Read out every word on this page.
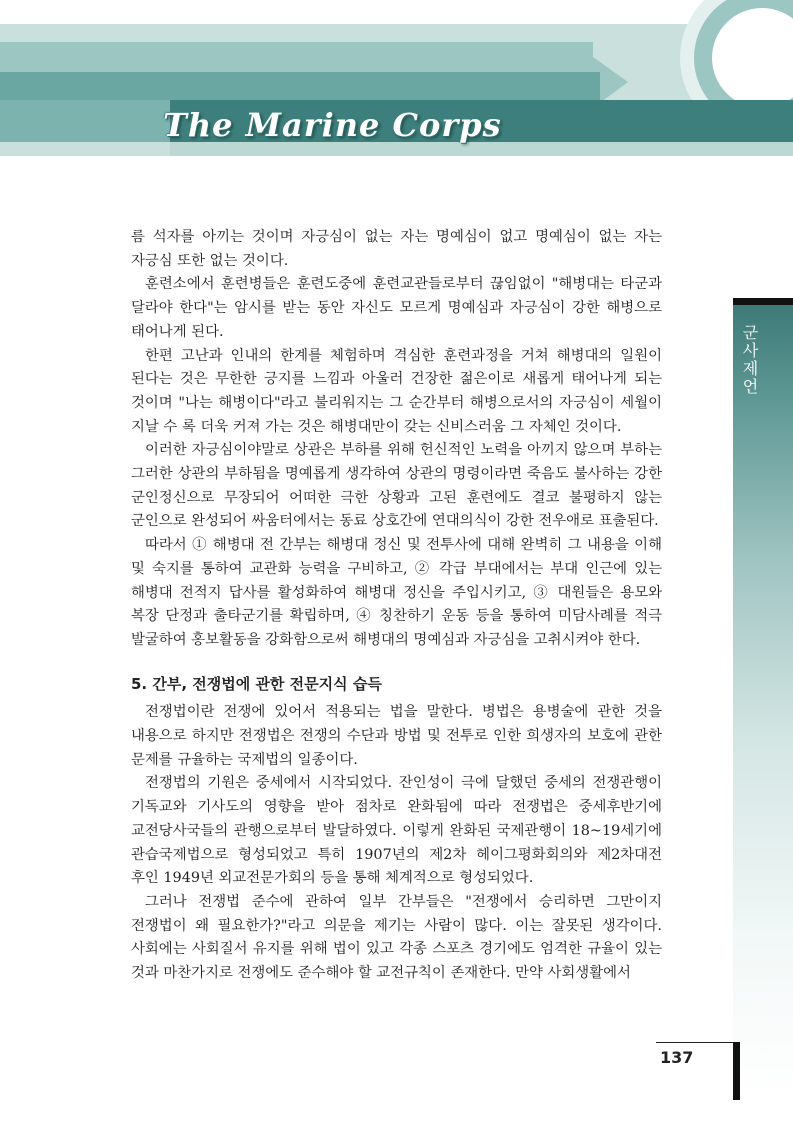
The Marine Corps
군사제언

름 석자를 아끼는 것이며 자긍심이 없는 자는 명예심이 없고 명예심이 없는 자는 자긍심 또한 없는 것이다.

훈련소에서 훈련병들은 훈련도중에 훈련교관들로부터 끊임없이 "해병대는 타군과 달라야 한다"는 암시를 받는 동안 자신도 모르게 명예심과 자긍심이 강한 해병으로 태어나게 된다.

한편 고난과 인내의 한계를 체험하며 격심한 훈련과정을 거쳐 해병대의 일원이 된다는 것은 무한한 긍지를 느낌과 아울러 건장한 젊은이로 새롭게 태어나게 되는 것이며 "나는 해병이다"라고 불리워지는 그 순간부터 해병으로서의 자긍심이 세월이 지날 수 록 더욱 커져 가는 것은 해병대만이 갖는 신비스러움 그 자체인 것이다.

이러한 자긍심이야말로 상관은 부하를 위해 헌신적인 노력을 아끼지 않으며 부하는 그러한 상관의 부하됨을 명예롭게 생각하여 상관의 명령이라면 죽음도 불사하는 강한 군인정신으로 무장되어 어떠한 극한 상황과 고된 훈련에도 결코 불평하지 않는 군인으로 완성되어 싸움터에서는 동료 상호간에 연대의식이 강한 전우애로 표출된다.

따라서 ① 해병대 전 간부는 해병대 정신 및 전투사에 대해 완벽히 그 내용을 이해 및 숙지를 통하여 교관화 능력을 구비하고, ② 각급 부대에서는 부대 인근에 있는 해병대 전적지 답사를 활성화하여 해병대 정신을 주입시키고, ③ 대원들은 용모와 복장 단정과 출타군기를 확립하며, ④ 칭찬하기 운동 등을 통하여 미담사례를 적극 발굴하여 홍보활동을 강화함으로써 해병대의 명예심과 자긍심을 고취시켜야 한다.

5. 간부, 전쟁법에 관한 전문지식 습득

전쟁법이란 전쟁에 있어서 적용되는 법을 말한다. 병법은 용병술에 관한 것을 내용으로 하지만 전쟁법은 전쟁의 수단과 방법 및 전투로 인한 희생자의 보호에 관한 문제를 규율하는 국제법의 일종이다.

전쟁법의 기원은 중세에서 시작되었다. 잔인성이 극에 달했던 중세의 전쟁관행이 기독교와 기사도의 영향을 받아 점차로 완화됨에 따라 전쟁법은 중세후반기에 교전당사국들의 관행으로부터 발달하였다. 이렇게 완화된 국제관행이 18~19세기에 관습국제법으로 형성되었고 특히 1907년의 제2차 헤이그평화회의와 제2차대전 후인 1949년 외교전문가회의 등을 통해 체계적으로 형성되었다.

그러나 전쟁법 준수에 관하여 일부 간부들은 "전쟁에서 승리하면 그만이지 전쟁법이 왜 필요한가?"라고 의문을 제기는 사람이 많다. 이는 잘못된 생각이다. 사회에는 사회질서 유지를 위해 법이 있고 각종 스포츠 경기에도 엄격한 규율이 있는 것과 마찬가지로 전쟁에도 준수해야 할 교전규칙이 존재한다. 만약 사회생활에서

137
